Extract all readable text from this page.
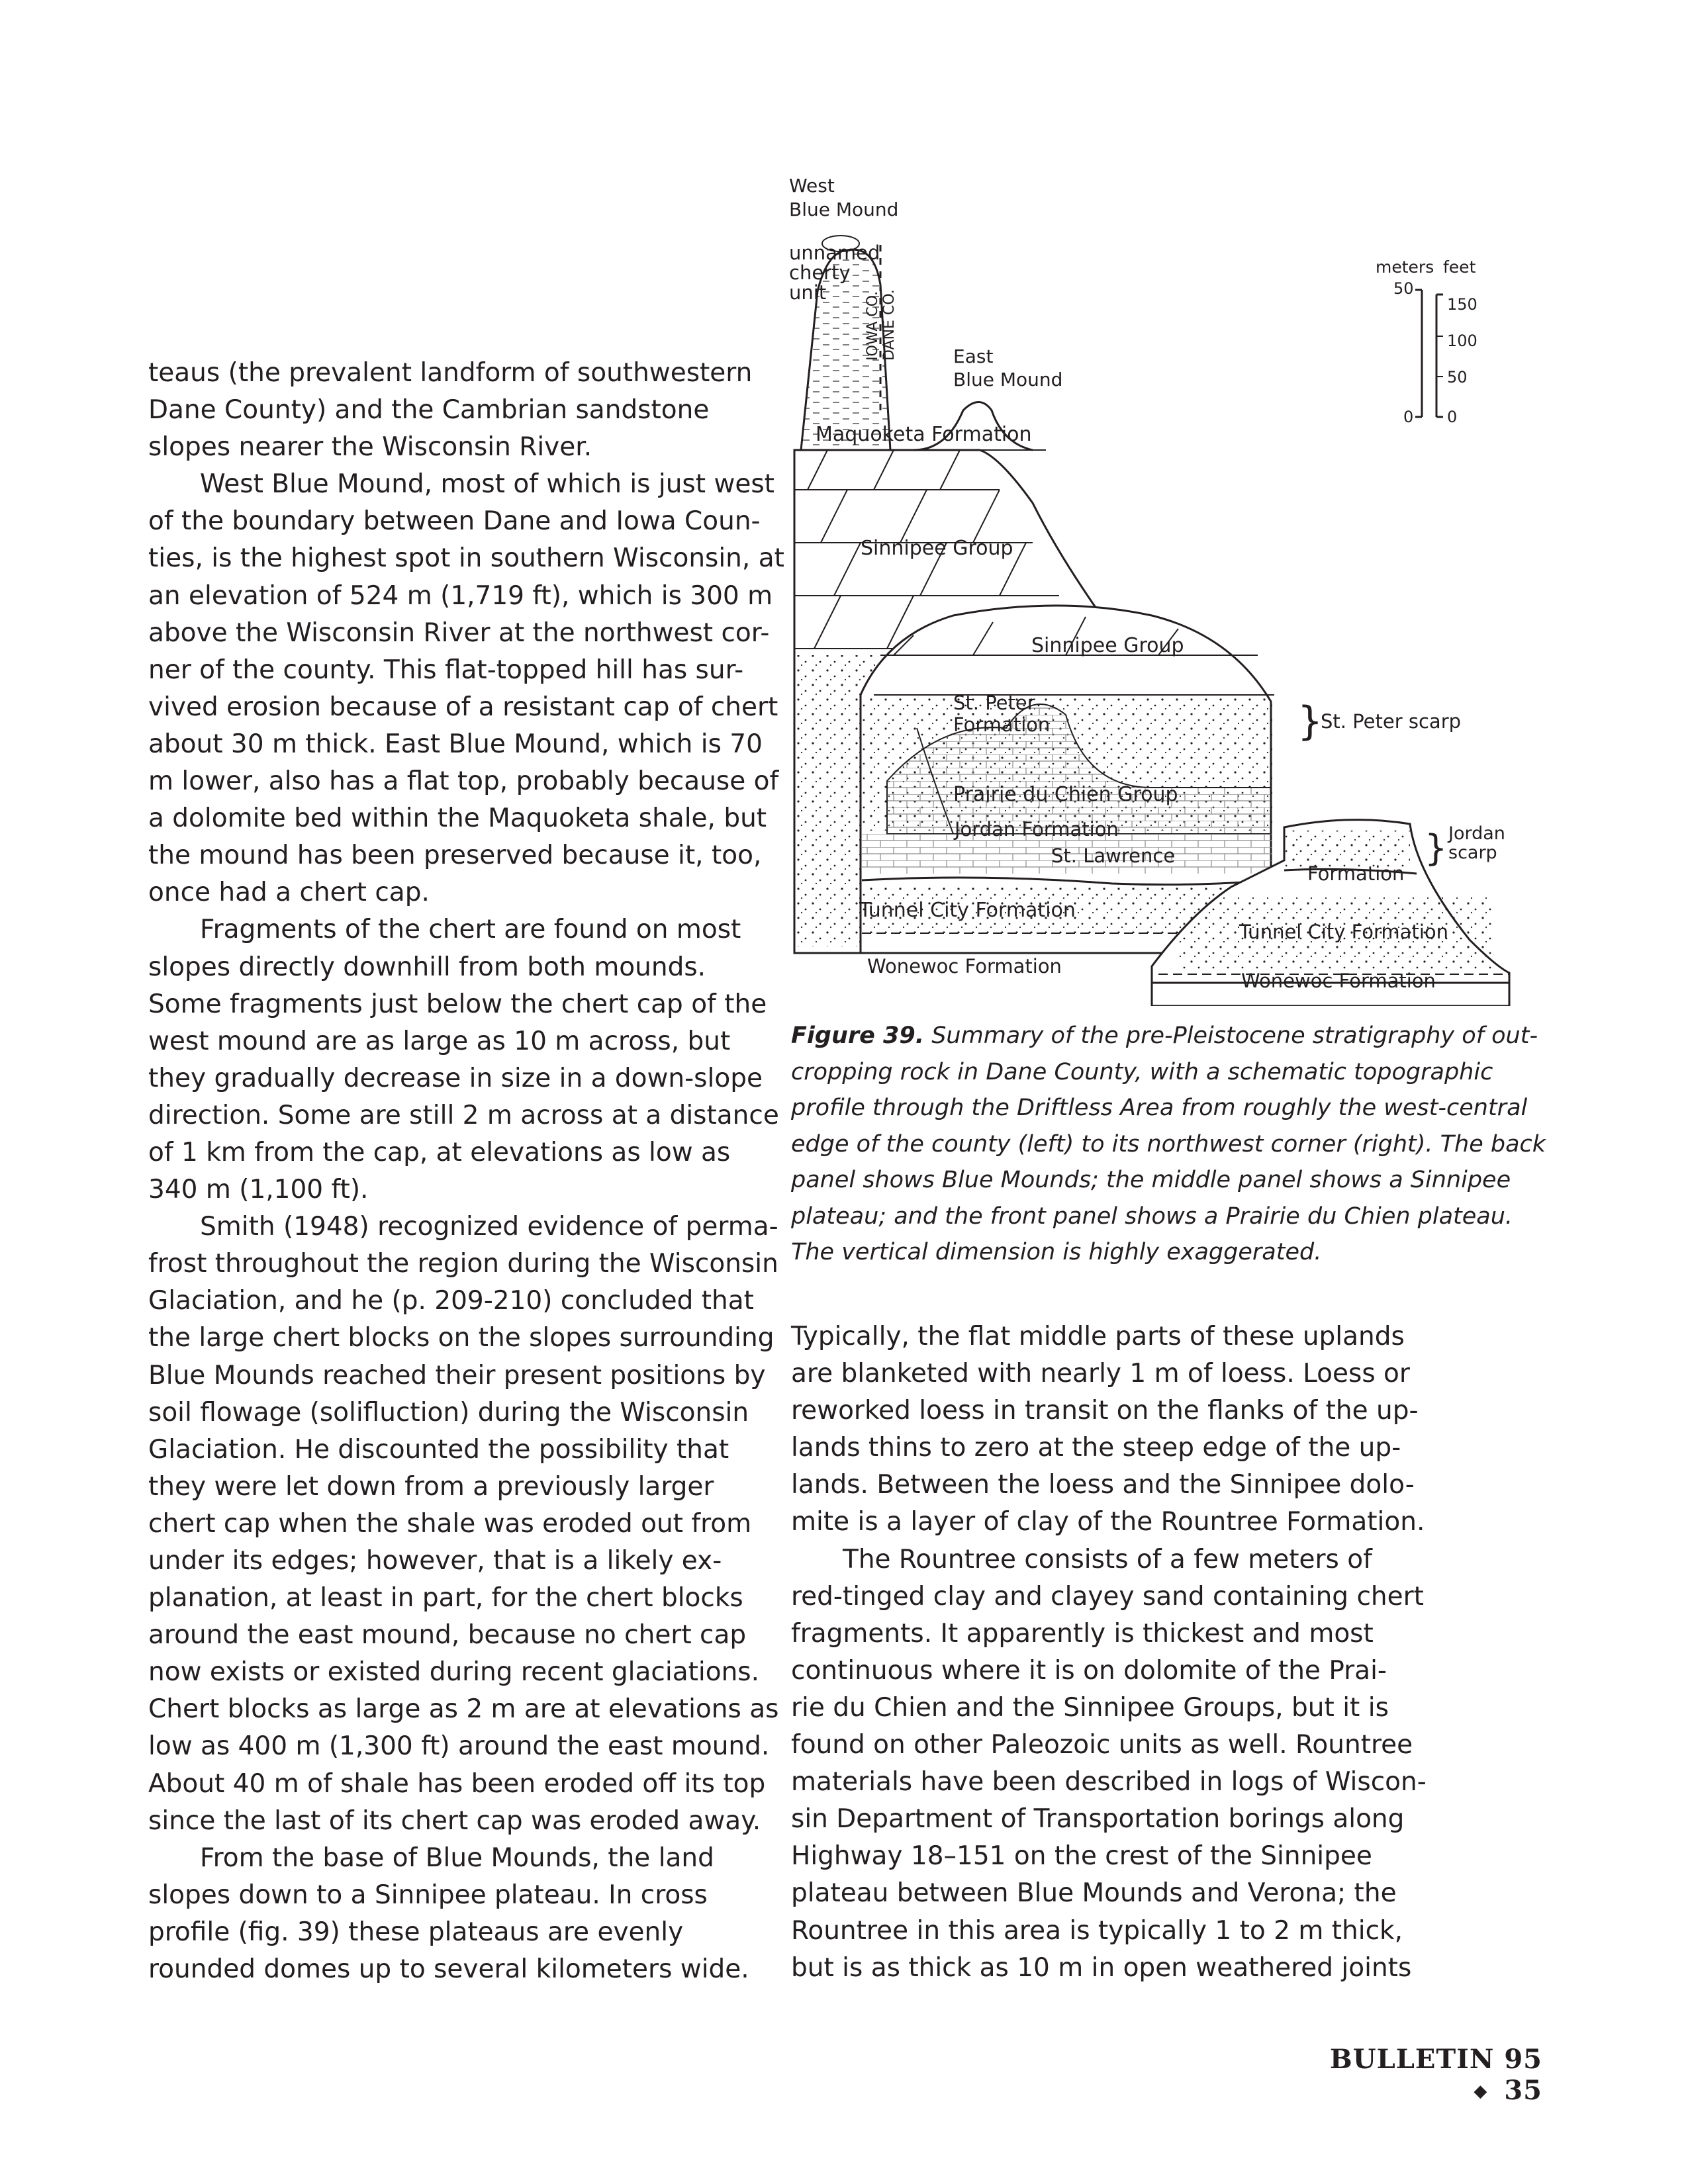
teaus (the prevalent landform of southwestern
Dane County) and the Cambrian sandstone
slopes nearer the Wisconsin River.

West Blue Mound, most of which is just west
of the boundary between Dane and Iowa Coun-
ties, is the highest spot in southern Wisconsin, at
an elevation of 524 m (1,719 ft), which is 300 m
above the Wisconsin River at the northwest cor-
ner of the county. This flat-topped hill has sur-
vived erosion because of a resistant cap of chert
about 30 m thick. East Blue Mound, which is 70
m lower, also has a flat top, probably because of
a dolomite bed within the Maquoketa shale, but
the mound has been preserved because it, too,
once had a chert cap.

Fragments of the chert are found on most
slopes directly downhill from both mounds.
Some fragments just below the chert cap of the
west mound are as large as 10 m across, but
they gradually decrease in size in a down-slope
direction. Some are still 2 m across at a distance
of 1 km from the cap, at elevations as low as
340 m (1,100 ft).

Smith (1948) recognized evidence of perma-
frost throughout the region during the Wisconsin
Glaciation, and he (p. 209-210) concluded that
the large chert blocks on the slopes surrounding
Blue Mounds reached their present positions by
soil flowage (solifluction) during the Wisconsin
Glaciation. He discounted the possibility that
they were let down from a previously larger
chert cap when the shale was eroded out from
under its edges; however, that is a likely ex-
planation, at least in part, for the chert blocks
around the east mound, because no chert cap
now exists or existed during recent glaciations.
Chert blocks as large as 2 m are at elevations as
low as 400 m (1,300 ft) around the east mound.
About 40 m of shale has been eroded off its top
since the last of its chert cap was eroded away.

From the base of Blue Mounds, the land
slopes down to a Sinnipee plateau. In cross
profile (fig. 39) these plateaus are evenly
rounded domes up to several kilometers wide.

}
}
West
Blue Mound
unnamed
cherty
unit	IOWA CO. DANE CO.	East
Blue Mound
Maquoketa Formation
Sinnipee Group
Sinnipee Group
St. Peter
Formation	St. Peter scarp
Prairie du Chien Group
Jordan Formation
St. Lawrence
Formation
Jordan
scarp
Tunnel City Formation
Tunnel City Formation
Wonewoc Formation
Wonewoc Formation
meters feet
50
0
150
100
50
0
Figure 39. Summary of the pre-Pleistocene stratigraphy of out-
cropping rock in Dane County, with a schematic topographic
profile through the Driftless Area from roughly the west-central
edge of the county (left) to its northwest corner (right). The back
panel shows Blue Mounds; the middle panel shows a Sinnipee
plateau; and the front panel shows a Prairie du Chien plateau.
The vertical dimension is highly exaggerated.

Typically, the flat middle parts of these uplands
are blanketed with nearly 1 m of loess. Loess or
reworked loess in transit on the flanks of the up-
lands thins to zero at the steep edge of the up-
lands. Between the loess and the Sinnipee dolo-
mite is a layer of clay of the Rountree Formation.

The Rountree consists of a few meters of
red-tinged clay and clayey sand containing chert
fragments. It apparently is thickest and most
continuous where it is on dolomite of the Prai-
rie du Chien and the Sinnipee Groups, but it is
found on other Paleozoic units as well. Rountree
materials have been described in logs of Wiscon-
sin Department of Transportation borings along
Highway 18–151 on the crest of the Sinnipee
plateau between Blue Mounds and Verona; the
Rountree in this area is typically 1 to 2 m thick,
but is as thick as 10 m in open weathered joints

BULLETIN 95 ◆ 35
